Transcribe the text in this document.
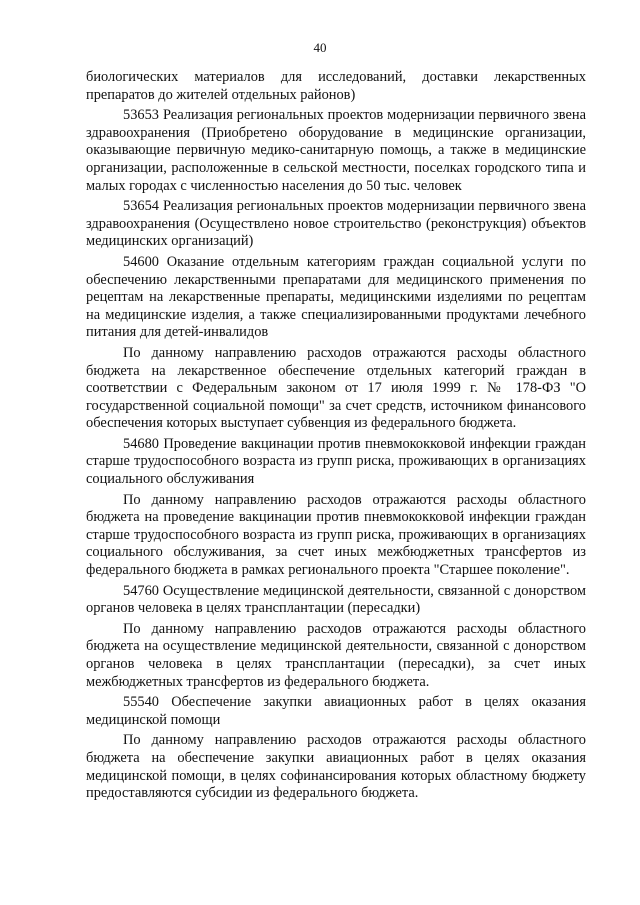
40

биологических материалов для исследований, доставки лекарственных препаратов до жителей отдельных районов)

53653 Реализация региональных проектов модернизации первичного звена здравоохранения (Приобретено оборудование в медицинские организации, оказывающие первичную медико-санитарную помощь, а также в медицинские организации, расположенные в сельской местности, поселках городского типа и малых городах с численностью населения до 50 тыс. человек

53654 Реализация региональных проектов модернизации первичного звена здравоохранения (Осуществлено новое строительство (реконструкция) объектов медицинских организаций)

54600 Оказание отдельным категориям граждан социальной услуги по обеспечению лекарственными препаратами для медицинского применения по рецептам на лекарственные препараты, медицинскими изделиями по рецептам на медицинские изделия, а также специализированными продуктами лечебного питания для детей-инвалидов

По данному направлению расходов отражаются расходы областного бюджета на лекарственное обеспечение отдельных категорий граждан в соответствии с Федеральным законом от 17 июля 1999 г. № 178-ФЗ "О государственной социальной помощи" за счет средств, источником финансового обеспечения которых выступает субвенция из федерального бюджета.

54680 Проведение вакцинации против пневмококковой инфекции граждан старше трудоспособного возраста из групп риска, проживающих в организациях социального обслуживания

По данному направлению расходов отражаются расходы областного бюджета на проведение вакцинации против пневмококковой инфекции граждан старше трудоспособного возраста из групп риска, проживающих в организациях социального обслуживания, за счет иных межбюджетных трансфертов из федерального бюджета в рамках регионального проекта "Старшее поколение".

54760 Осуществление медицинской деятельности, связанной с донорством органов человека в целях трансплантации (пересадки)

По данному направлению расходов отражаются расходы областного бюджета на осуществление медицинской деятельности, связанной с донорством органов человека в целях трансплантации (пересадки), за счет иных межбюджетных трансфертов из федерального бюджета.

55540 Обеспечение закупки авиационных работ в целях оказания медицинской помощи

По данному направлению расходов отражаются расходы областного бюджета на обеспечение закупки авиационных работ в целях оказания медицинской помощи, в целях софинансирования которых областному бюджету предоставляются субсидии из федерального бюджета.
